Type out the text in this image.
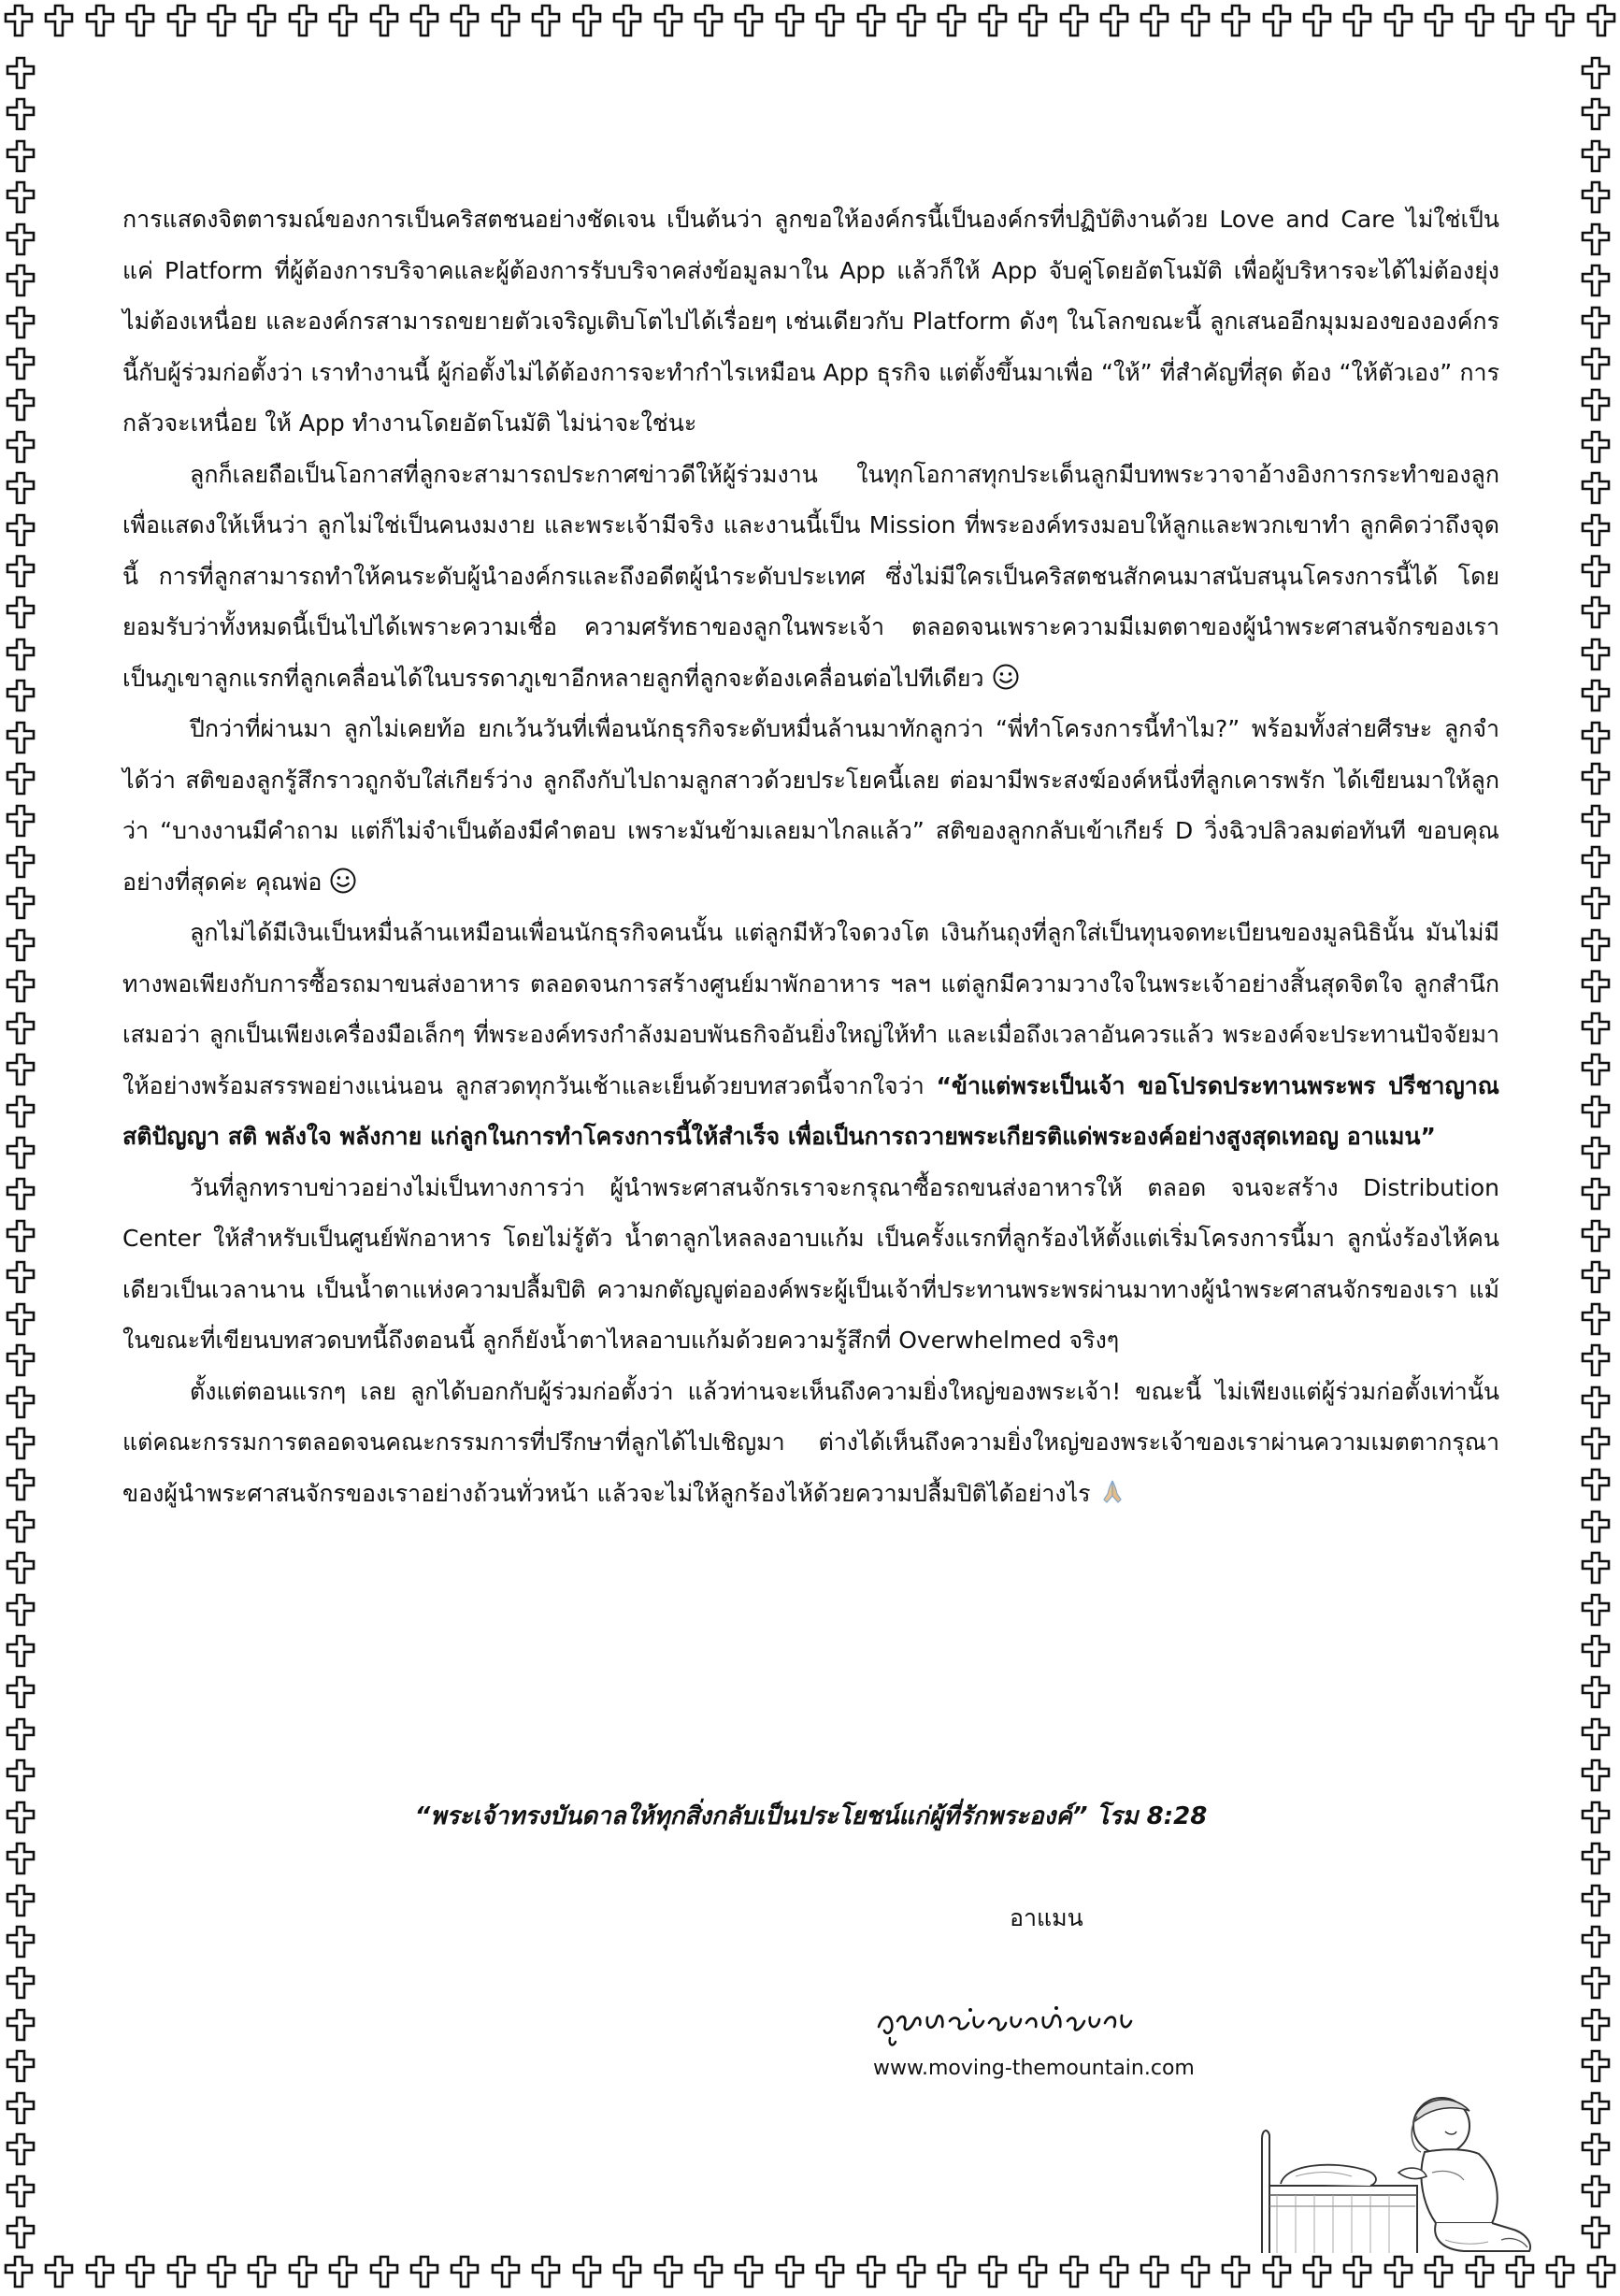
การแสดงจิตตารมณ์ของการเป็นคริสตชนอย่างชัดเจน เป็นต้นว่า ลูกขอให้องค์กรนี้เป็นองค์กรที่ปฏิบัติงานด้วย Love and Care ไม่ใช่เป็นแค่ Platform ที่ผู้ต้องการบริจาคและผู้ต้องการรับบริจาคส่งข้อมูลมาใน App แล้วก็ให้ App จับคู่โดยอัตโนมัติ เพื่อผู้บริหารจะได้ไม่ต้องยุ่ง ไม่ต้องเหนื่อย และองค์กรสามารถขยายตัวเจริญเติบโตไปได้เรื่อยๆ เช่นเดียวกับ Platform ดังๆ ในโลกขณะนี้ ลูกเสนออีกมุมมองขององค์กรนี้กับผู้ร่วมก่อตั้งว่า เราทำงานนี้ ผู้ก่อตั้งไม่ได้ต้องการจะทำกำไรเหมือน App ธุรกิจ แต่ตั้งขึ้นมาเพื่อ “ให้” ที่สำคัญที่สุด ต้อง “ให้ตัวเอง” การกลัวจะเหนื่อย ให้ App ทำงานโดยอัตโนมัติ ไม่น่าจะใช่นะ

ลูกก็เลยถือเป็นโอกาสที่ลูกจะสามารถประกาศข่าวดีให้ผู้ร่วมงาน ในทุกโอกาสทุกประเด็นลูกมีบทพระวาจาอ้างอิงการกระทำของลูก เพื่อแสดงให้เห็นว่า ลูกไม่ใช่เป็นคนงมงาย และพระเจ้ามีจริง และงานนี้เป็น Mission ที่พระองค์ทรงมอบให้ลูกและพวกเขาทำ ลูกคิดว่าถึงจุดนี้ การที่ลูกสามารถทำให้คนระดับผู้นำองค์กรและถึงอดีตผู้นำระดับประเทศ ซึ่งไม่มีใครเป็นคริสตชนสักคนมาสนับสนุนโครงการนี้ได้ โดยยอมรับว่าทั้งหมดนี้เป็นไปได้เพราะความเชื่อ ความศรัทธาของลูกในพระเจ้า ตลอดจนเพราะความมีเมตตาของผู้นำพระศาสนจักรของเรา เป็นภูเขาลูกแรกที่ลูกเคลื่อนได้ในบรรดาภูเขาอีกหลายลูกที่ลูกจะต้องเคลื่อนต่อไปทีเดียว

ปีกว่าที่ผ่านมา ลูกไม่เคยท้อ ยกเว้นวันที่เพื่อนนักธุรกิจระดับหมื่นล้านมาทักลูกว่า “พี่ทำโครงการนี้ทำไม?” พร้อมทั้งส่ายศีรษะ ลูกจำได้ว่า สติของลูกรู้สึกราวถูกจับใส่เกียร์ว่าง ลูกถึงกับไปถามลูกสาวด้วยประโยคนี้เลย ต่อมามีพระสงฆ์องค์หนึ่งที่ลูกเคารพรัก ได้เขียนมาให้ลูกว่า “บางงานมีคำถาม แต่ก็ไม่จำเป็นต้องมีคำตอบ เพราะมันข้ามเลยมาไกลแล้ว” สติของลูกกลับเข้าเกียร์ D วิ่งฉิวปลิวลมต่อทันที ขอบคุณอย่างที่สุดค่ะ คุณพ่อ

ลูกไม่ได้มีเงินเป็นหมื่นล้านเหมือนเพื่อนนักธุรกิจคนนั้น แต่ลูกมีหัวใจดวงโต เงินก้นถุงที่ลูกใส่เป็นทุนจดทะเบียนของมูลนิธินั้น มันไม่มีทางพอเพียงกับการซื้อรถมาขนส่งอาหาร ตลอดจนการสร้างศูนย์มาพักอาหาร ฯลฯ แต่ลูกมีความวางใจในพระเจ้าอย่างสิ้นสุดจิตใจ ลูกสำนึกเสมอว่า ลูกเป็นเพียงเครื่องมือเล็กๆ ที่พระองค์ทรงกำลังมอบพันธกิจอันยิ่งใหญ่ให้ทำ และเมื่อถึงเวลาอันควรแล้ว พระองค์จะประทานปัจจัยมาให้อย่างพร้อมสรรพอย่างแน่นอน ลูกสวดทุกวันเช้าและเย็นด้วยบทสวดนี้จากใจว่า “ข้าแต่พระเป็นเจ้า ขอโปรดประทานพระพร ปรีชาญาณ สติปัญญา สติ พลังใจ พลังกาย แก่ลูกในการทำโครงการนี้ให้สำเร็จ เพื่อเป็นการถวายพระเกียรติแด่พระองค์อย่างสูงสุดเทอญ อาแมน”

วันที่ลูกทราบข่าวอย่างไม่เป็นทางการว่า ผู้นำพระศาสนจักรเราจะกรุณาซื้อรถขนส่งอาหารให้ ตลอด จนจะสร้าง Distribution Center ให้สำหรับเป็นศูนย์พักอาหาร โดยไม่รู้ตัว น้ำตาลูกไหลลงอาบแก้ม เป็นครั้งแรกที่ลูกร้องไห้ตั้งแต่เริ่มโครงการนี้มา ลูกนั่งร้องไห้คนเดียวเป็นเวลานาน เป็นน้ำตาแห่งความปลื้มปิติ ความกตัญญูต่อองค์พระผู้เป็นเจ้าที่ประทานพระพรผ่านมาทางผู้นำพระศาสนจักรของเรา แม้ในขณะที่เขียนบทสวดบทนี้ถึงตอนนี้ ลูกก็ยังน้ำตาไหลอาบแก้มด้วยความรู้สึกที่ Overwhelmed จริงๆ

ตั้งแต่ตอนแรกๆ เลย ลูกได้บอกกับผู้ร่วมก่อตั้งว่า แล้วท่านจะเห็นถึงความยิ่งใหญ่ของพระเจ้า! ขณะนี้ ไม่เพียงแต่ผู้ร่วมก่อตั้งเท่านั้น แต่คณะกรรมการตลอดจนคณะกรรมการที่ปรึกษาที่ลูกได้ไปเชิญมา ต่างได้เห็นถึงความยิ่งใหญ่ของพระเจ้าของเราผ่านความเมตตากรุณาของผู้นำพระศาสนจักรของเราอย่างถ้วนทั่วหน้า แล้วจะไม่ให้ลูกร้องไห้ด้วยความปลื้มปิติได้อย่างไร

“พระเจ้าทรงบันดาลให้ทุกสิ่งกลับเป็นประโยชน์แก่ผู้ที่รักพระองค์” โรม 8:28

อาแมน
www.moving-themountain.com
